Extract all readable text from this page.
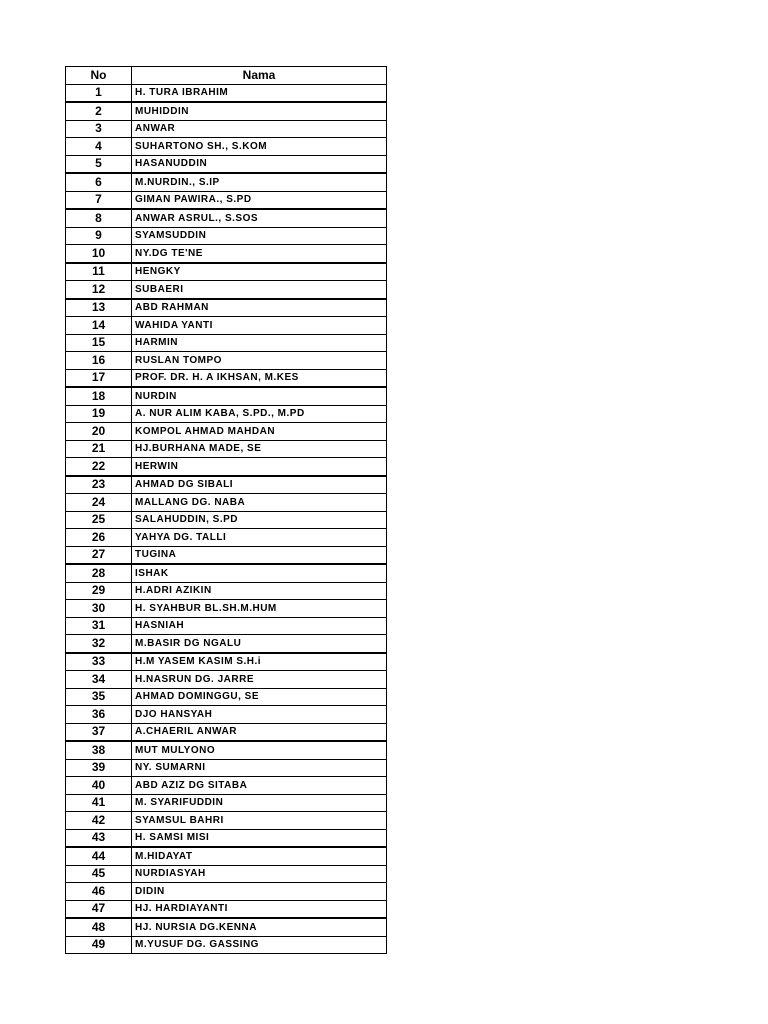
No	Nama
1	H. TURA IBRAHIM
2	MUHIDDIN
3	ANWAR
4	SUHARTONO SH., S.KOM
5	HASANUDDIN
6	M.NURDIN., S.IP
7	GIMAN PAWIRA., S.PD
8	ANWAR ASRUL., S.SOS
9	SYAMSUDDIN
10	NY.DG TE'NE
11	HENGKY
12	SUBAERI
13	ABD RAHMAN
14	WAHIDA YANTI
15	HARMIN
16	RUSLAN TOMPO
17	PROF. DR. H. A IKHSAN, M.KES
18	NURDIN
19	A. NUR ALIM KABA, S.PD., M.PD
20	KOMPOL AHMAD MAHDAN
21	HJ.BURHANA MADE, SE
22	HERWIN
23	AHMAD DG SIBALI
24	MALLANG DG. NABA
25	SALAHUDDIN, S.PD
26	YAHYA DG. TALLI
27	TUGINA
28	ISHAK
29	H.ADRI AZIKIN
30	H. SYAHBUR BL.SH.M.HUM
31	HASNIAH
32	M.BASIR DG NGALU
33	H.M YASEM KASIM S.H.i
34	H.NASRUN DG. JARRE
35	AHMAD DOMINGGU, SE
36	DJO HANSYAH
37	A.CHAERIL ANWAR
38	MUT MULYONO
39	NY. SUMARNI
40	ABD AZIZ DG SITABA
41	M. SYARIFUDDIN
42	SYAMSUL BAHRI
43	H. SAMSI MISI
44	M.HIDAYAT
45	NURDIASYAH
46	DIDIN
47	HJ. HARDIAYANTI
48	HJ. NURSIA DG.KENNA
49	M.YUSUF DG. GASSING
